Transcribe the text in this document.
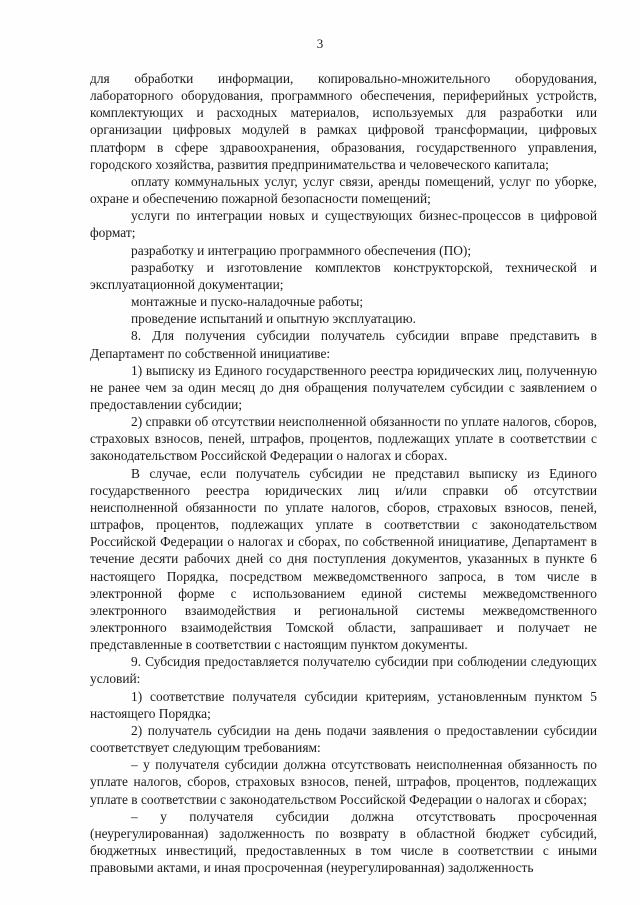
3

для обработки информации, копировально-множительного оборудования, лабораторного оборудования, программного обеспечения, периферийных устройств, комплектующих и расходных материалов, используемых для разработки или организации цифровых модулей в рамках цифровой трансформации, цифровых платформ в сфере здравоохранения, образования, государственного управления, городского хозяйства, развития предпринимательства и человеческого капитала;

оплату коммунальных услуг, услуг связи, аренды помещений, услуг по уборке, охране и обеспечению пожарной безопасности помещений;

услуги по интеграции новых и существующих бизнес-процессов в цифровой формат;

разработку и интеграцию программного обеспечения (ПО);

разработку и изготовление комплектов конструкторской, технической и эксплуатационной документации;

монтажные и пуско-наладочные работы;

проведение испытаний и опытную эксплуатацию.

8. Для получения субсидии получатель субсидии вправе представить в Департамент по собственной инициативе:

1) выписку из Единого государственного реестра юридических лиц, полученную не ранее чем за один месяц до дня обращения получателем субсидии с заявлением о предоставлении субсидии;

2) справки об отсутствии неисполненной обязанности по уплате налогов, сборов, страховых взносов, пеней, штрафов, процентов, подлежащих уплате в соответствии с законодательством Российской Федерации о налогах и сборах.

В случае, если получатель субсидии не представил выписку из Единого государственного реестра юридических лиц и/или справки об отсутствии неисполненной обязанности по уплате налогов, сборов, страховых взносов, пеней, штрафов, процентов, подлежащих уплате в соответствии с законодательством Российской Федерации о налогах и сборах, по собственной инициативе, Департамент в течение десяти рабочих дней со дня поступления документов, указанных в пункте 6 настоящего Порядка, посредством межведомственного запроса, в том числе в электронной форме с использованием единой системы межведомственного электронного взаимодействия и региональной системы межведомственного электронного взаимодействия Томской области, запрашивает и получает не представленные в соответствии с настоящим пунктом документы.

9. Субсидия предоставляется получателю субсидии при соблюдении следующих условий:

1) соответствие получателя субсидии критериям, установленным пунктом 5 настоящего Порядка;

2) получатель субсидии на день подачи заявления о предоставлении субсидии соответствует следующим требованиям:

– у получателя субсидии должна отсутствовать неисполненная обязанность по уплате налогов, сборов, страховых взносов, пеней, штрафов, процентов, подлежащих уплате в соответствии с законодательством Российской Федерации о налогах и сборах;

– у получателя субсидии должна отсутствовать просроченная (неурегулированная) задолженность по возврату в областной бюджет субсидий, бюджетных инвестиций, предоставленных в том числе в соответствии с иными правовыми актами, и иная просроченная (неурегулированная) задолженность
